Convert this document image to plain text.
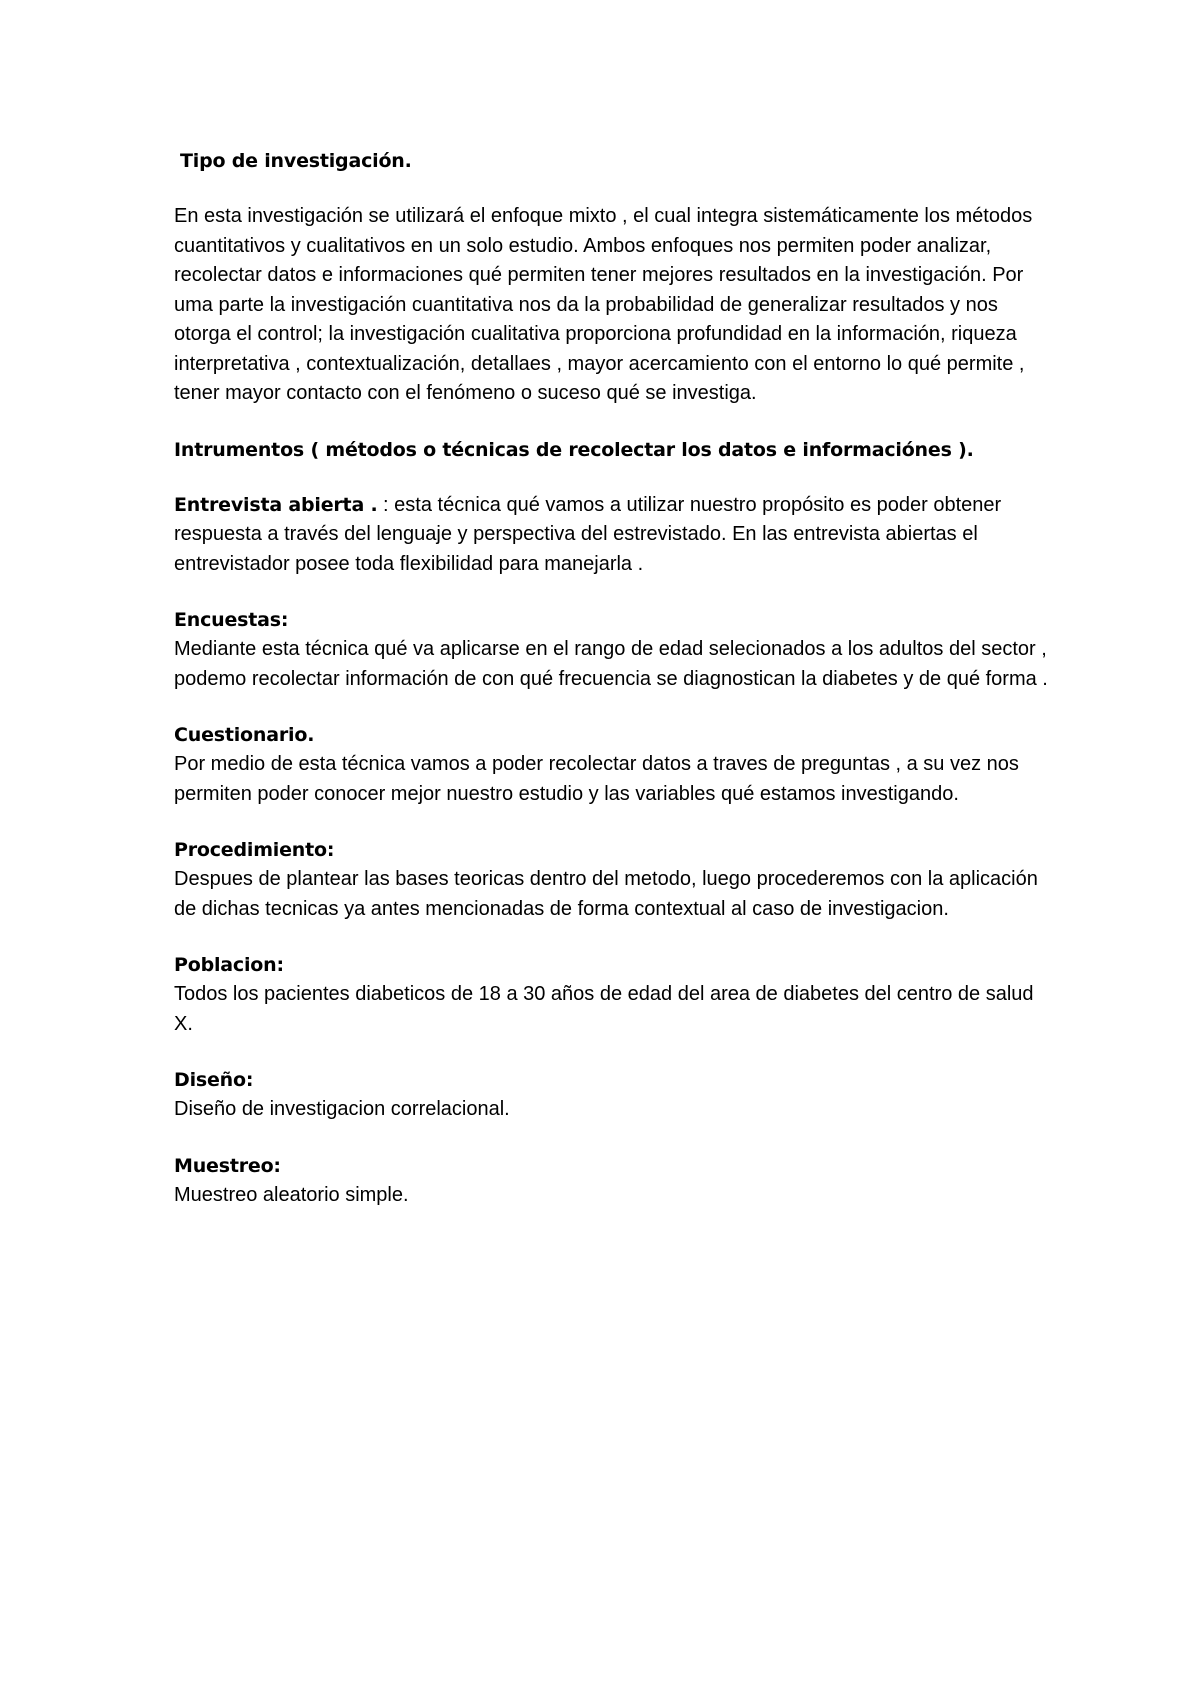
Tipo de investigación.

En esta investigación se utilizará el enfoque mixto , el cual integra sistemáticamente los métodos cuantitativos y cualitativos en un solo estudio. Ambos enfoques nos permiten poder analizar, recolectar datos e informaciones qué permiten tener mejores resultados en la investigación. Por uma parte la investigación cuantitativa nos da la probabilidad de generalizar resultados y nos otorga el control; la investigación cualitativa proporciona profundidad en la información, riqueza interpretativa , contextualización, detallaes , mayor acercamiento con el entorno lo qué permite , tener mayor contacto con el fenómeno o suceso qué se investiga.

Intrumentos ( métodos o técnicas de recolectar los datos e informaciónes ).

Entrevista abierta . : esta técnica qué vamos a utilizar nuestro propósito es poder obtener respuesta a través del lenguaje y perspectiva del estrevistado. En las entrevista abiertas el entrevistador posee toda flexibilidad para manejarla .

Encuestas:

Mediante esta técnica qué va aplicarse en el rango de edad selecionados a los adultos del sector , podemo recolectar información de con qué frecuencia se diagnostican la diabetes y de qué forma .

Cuestionario.

Por medio de esta técnica vamos a poder recolectar datos a traves de preguntas , a su vez nos permiten poder conocer mejor nuestro estudio y las variables qué estamos investigando.

Procedimiento:

Despues de plantear las bases teoricas dentro del metodo, luego procederemos con la aplicación de dichas tecnicas ya antes mencionadas de forma contextual al caso de investigacion.

Poblacion:

Todos los pacientes diabeticos de 18 a 30 años de edad del area de diabetes del centro de salud X.

Diseño:

Diseño de investigacion correlacional.

Muestreo:

Muestreo aleatorio simple.
